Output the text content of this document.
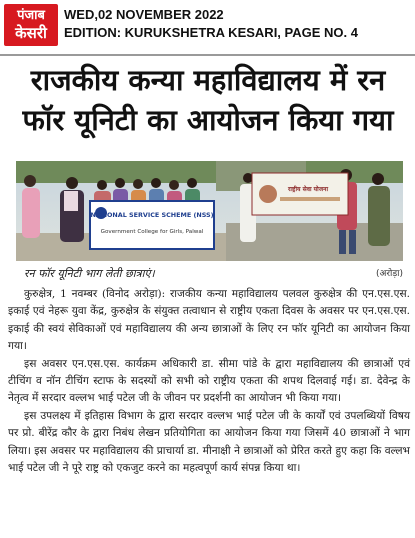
पंजाब
केसरी
WED,02 NOVEMBER 2022
EDITION: KURUKSHETRA KESARI, PAGE NO. 4
राजकीय कन्या महाविद्यालय में रन
फॉर यूनिटी का आयोजन किया गया
NATIONAL SERVICE SCHEME (NSS)
Government College for Girls, Palwal
राष्ट्रीय सेवा योजना
रन फॉर यूनिटी भाग लेती छात्राएं।	(अरोड़ा)

कुरुक्षेत्र, 1 नवम्बर (विनोद अरोड़ा): राजकीय कन्या महाविद्यालय पलवल कुरुक्षेत्र की एन.एस.एस. इकाई एवं नेहरू युवा केंद्र, कुरुक्षेत्र के संयुक्त तत्वाधान से राष्ट्रीय एकता दिवस के अवसर पर एन.एस.एस. इकाई की स्वयं सेविकाओं एवं महाविद्यालय की अन्य छात्राओं के लिए रन फॉर यूनिटी का आयोजन किया गया।

इस अवसर एन.एस.एस. कार्यक्रम अधिकारी डा. सीमा पांडे के द्वारा महाविद्यालय की छात्राओं एवं टीचिंग व नॉन टीचिंग स्टाफ के सदस्यों को सभी को राष्ट्रीय एकता की शपथ दिलवाई गई। डा. देवेन्द्र के नेतृत्व में सरदार वल्लभ भाई पटेल जी के जीवन पर प्रदर्शनी का आयोजन भी किया गया।

इस उपलक्ष्य में इतिहास विभाग के द्वारा सरदार वल्लभ भाई पटेल जी के कार्यों एवं उपलब्धियों विषय पर प्रो. बीरेंद्र कौर के द्वारा निबंध लेखन प्रतियोगिता का आयोजन किया गया जिसमें 40 छात्राओं ने भाग लिया। इस अवसर पर महाविद्यालय की प्राचार्या डा. मीनाक्षी ने छात्राओं को प्रेरित करते हुए कहा कि वल्लभ भाई पटेल जी ने पूरे राष्ट्र को एकजुट करने का महत्वपूर्ण कार्य संपन्न किया था।
